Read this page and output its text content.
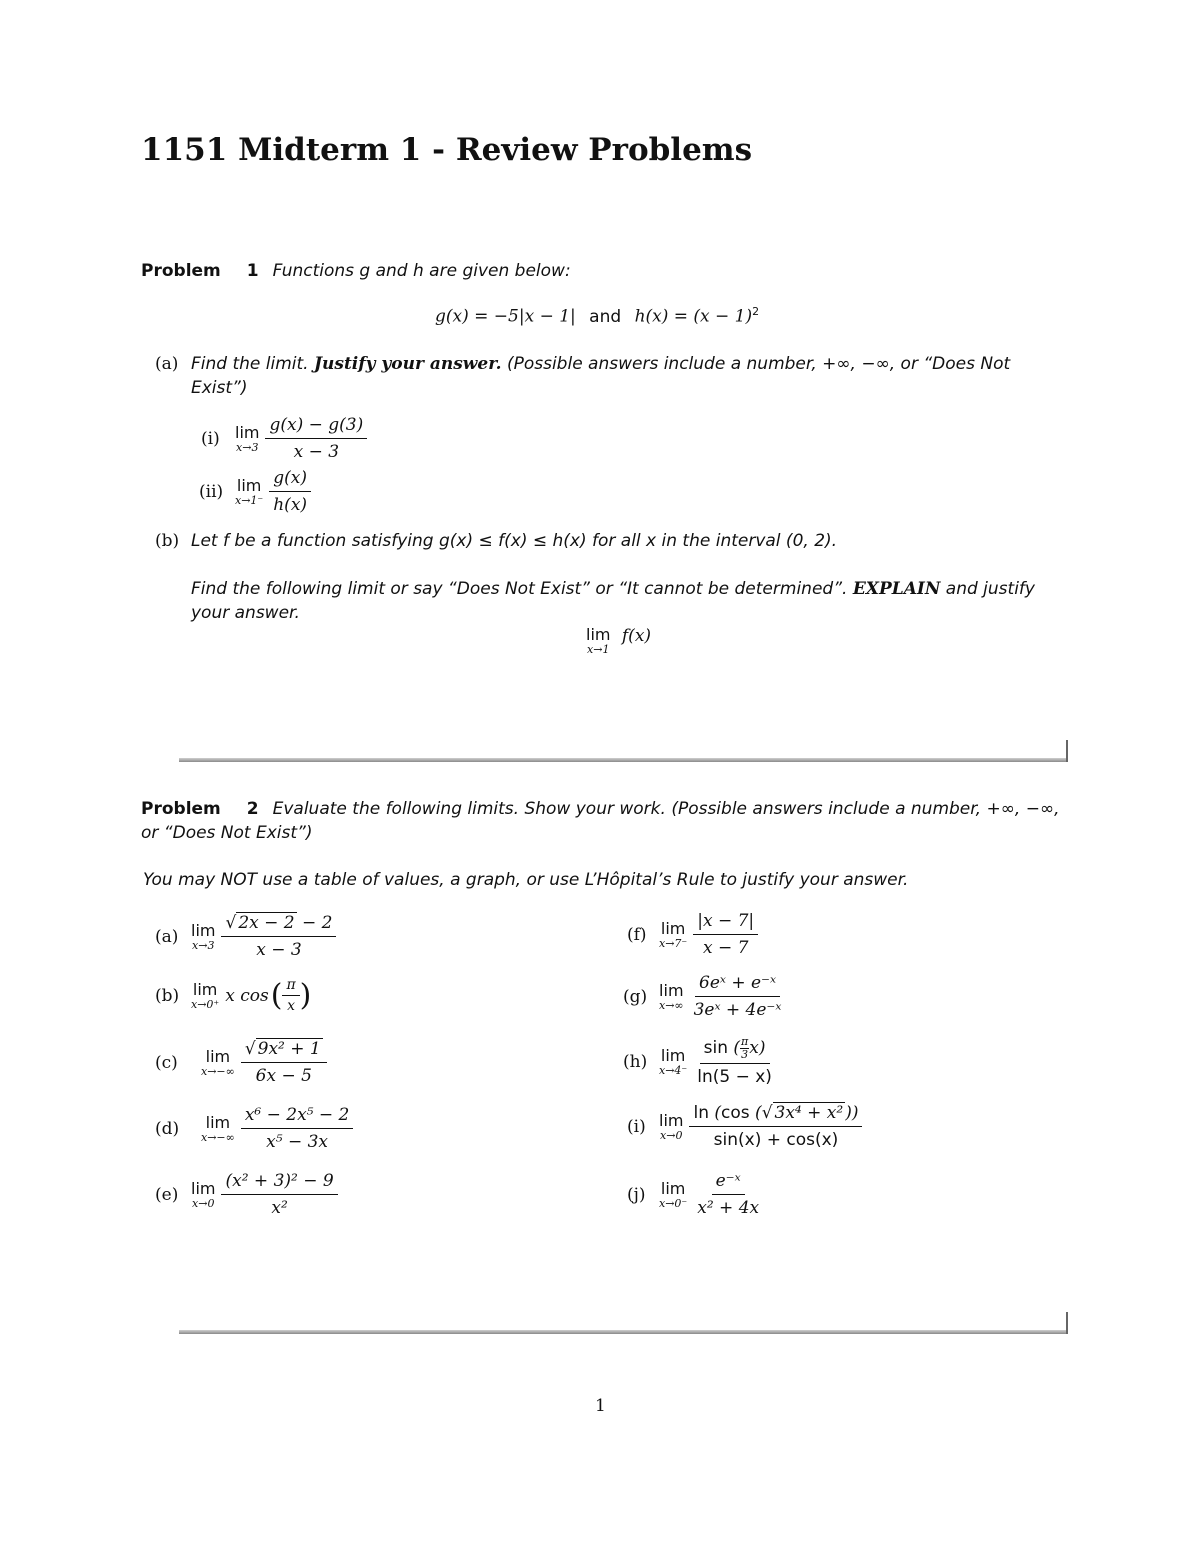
1151 Midterm 1 - Review Problems
Problem 1 Functions g and h are given below:
g(x) = −5|x − 1| and $h(x) = (x - 1)^2$
(a) Find the limit. Justify your answer. (Possible answers include a number, +∞, −∞, or “Does Not Exist”)
(i) lim
$x\to 3 \frac{g(x) - g(3)}{x - 3}$
(ii) lim
$x\to 1^- \frac{g(x)}{h(x)}$
(b) Let f be a function satisfying g(x) ≤ f(x) ≤ h(x) for all x in the interval (0, 2).
Find the following limit or say “Does Not Exist” or “It cannot be determined”. EXPLAIN and justify your answer.
lim
x→1
f(x)
Problem 2 Evaluate the following limits. Show your work. (Possible answers include a number, +∞, −∞, or “Does Not Exist”)
You may NOT use a table of values, a graph, or use L’Hôpital’s Rule to justify your answer.
(a) lim
$x\to 3 \frac{√ 2x - 2 - 2}{x - 3}$
(b) lim
x→0⁺ x cos ( $\frac{\pi}{x}$ )
(c)	lim
$x\to-\infty \frac{\text{√ 9x² + 1}}{6x - 5}$
(d)	lim
$x\to-\infty \frac{\text{x⁶ − 2x⁵ − 2}}{\text{x⁵ − 3x}}$
(e) lim
$x\to 0 \frac{\text{(x² + 3)² − 9}}{\text{x²}}$
(f) lim
$x\to 7^- \frac{|x - 7|}{x - 7}$
(g) lim
$x\to\infty \frac{\text{6eˣ + e⁻ˣ}}{\text{3eˣ + 4e⁻ˣ}}$
(h) lim
$x\to 4^- \frac{\sin ( \frac{\pi}{3} x)}{\ln(5 - x)}$
(i) lim
$x\to 0 \frac{\text{ln (cos (√ 3x⁴ + x² ))}}{\sin(x) + \cos(x)}$
(j) lim
$x\to 0^- \frac{\text{e⁻ˣ}}{\text{x² + 4x}}$
1
